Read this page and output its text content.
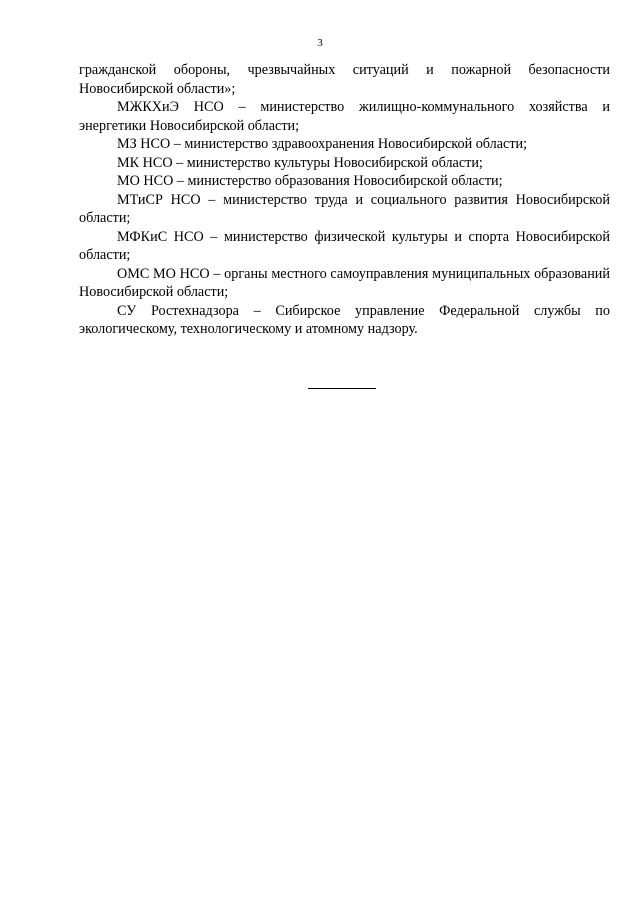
3

гражданской обороны, чрезвычайных ситуаций и пожарной безопасности Новосибирской области»;

МЖКХиЭ НСО – министерство жилищно-коммунального хозяйства и энергетики Новосибирской области;

МЗ НСО – министерство здравоохранения Новосибирской области;

МК НСО – министерство культуры Новосибирской области;

МО НСО – министерство образования Новосибирской области;

МТиСР НСО – министерство труда и социального развития Новосибирской области;

МФКиС НСО – министерство физической культуры и спорта Новосибирской области;

ОМС МО НСО – органы местного самоуправления муниципальных образований Новосибирской области;

СУ Ростехнадзора – Сибирское управление Федеральной службы по экологическому, технологическому и атомному надзору.
